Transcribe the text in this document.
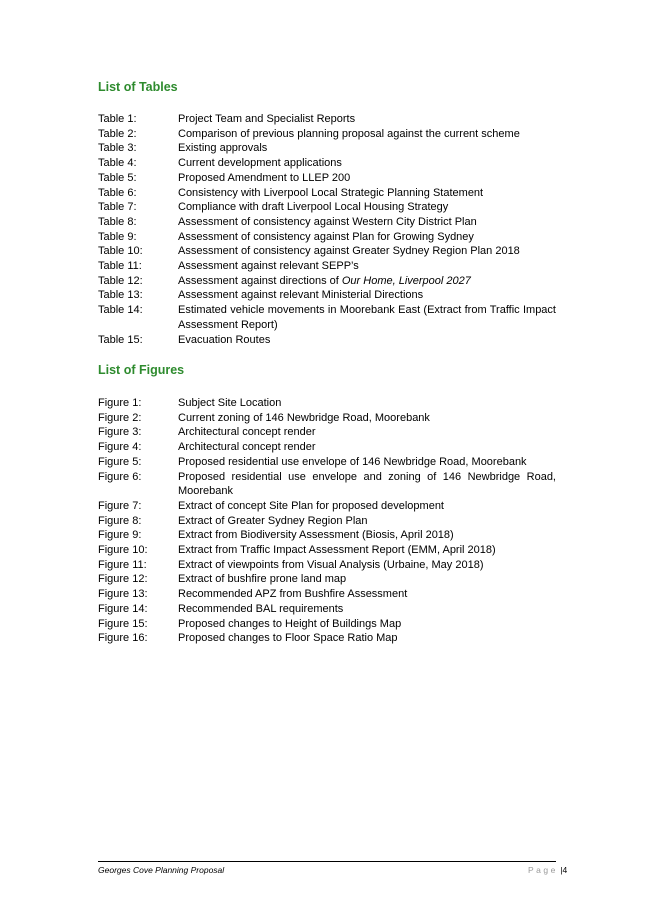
List of Tables
Table 1:	Project Team and Specialist Reports
Table 2:	Comparison of previous planning proposal against the current scheme
Table 3:	Existing approvals
Table 4:	Current development applications
Table 5:	Proposed Amendment to LLEP 200
Table 6:	Consistency with Liverpool Local Strategic Planning Statement
Table 7:	Compliance with draft Liverpool Local Housing Strategy
Table 8:	Assessment of consistency against Western City District Plan
Table 9:	Assessment of consistency against Plan for Growing Sydney
Table 10:	Assessment of consistency against Greater Sydney Region Plan 2018
Table 11:	Assessment against relevant SEPP’s
Table 12:	Assessment against directions of Our Home, Liverpool 2027
Table 13:	Assessment against relevant Ministerial Directions
Table 14:	Estimated vehicle movements in Moorebank East (Extract from Traffic Impact Assessment Report)
Table 15:	Evacuation Routes
List of Figures
Figure 1:	Subject Site Location
Figure 2:	Current zoning of 146 Newbridge Road, Moorebank
Figure 3:	Architectural concept render
Figure 4:	Architectural concept render
Figure 5:	Proposed residential use envelope of 146 Newbridge Road, Moorebank
Figure 6:	Proposed residential use envelope and zoning of 146 Newbridge Road, Moorebank
Figure 7:	Extract of concept Site Plan for proposed development
Figure 8:	Extract of Greater Sydney Region Plan
Figure 9:	Extract from Biodiversity Assessment (Biosis, April 2018)
Figure 10:	Extract from Traffic Impact Assessment Report (EMM, April 2018)
Figure 11:	Extract of viewpoints from Visual Analysis (Urbaine, May 2018)
Figure 12:	Extract of bushfire prone land map
Figure 13:	Recommended APZ from Bushfire Assessment
Figure 14:	Recommended BAL requirements
Figure 15:	Proposed changes to Height of Buildings Map
Figure 16:	Proposed changes to Floor Space Ratio Map
Georges Cove Planning Proposal	Page |4
